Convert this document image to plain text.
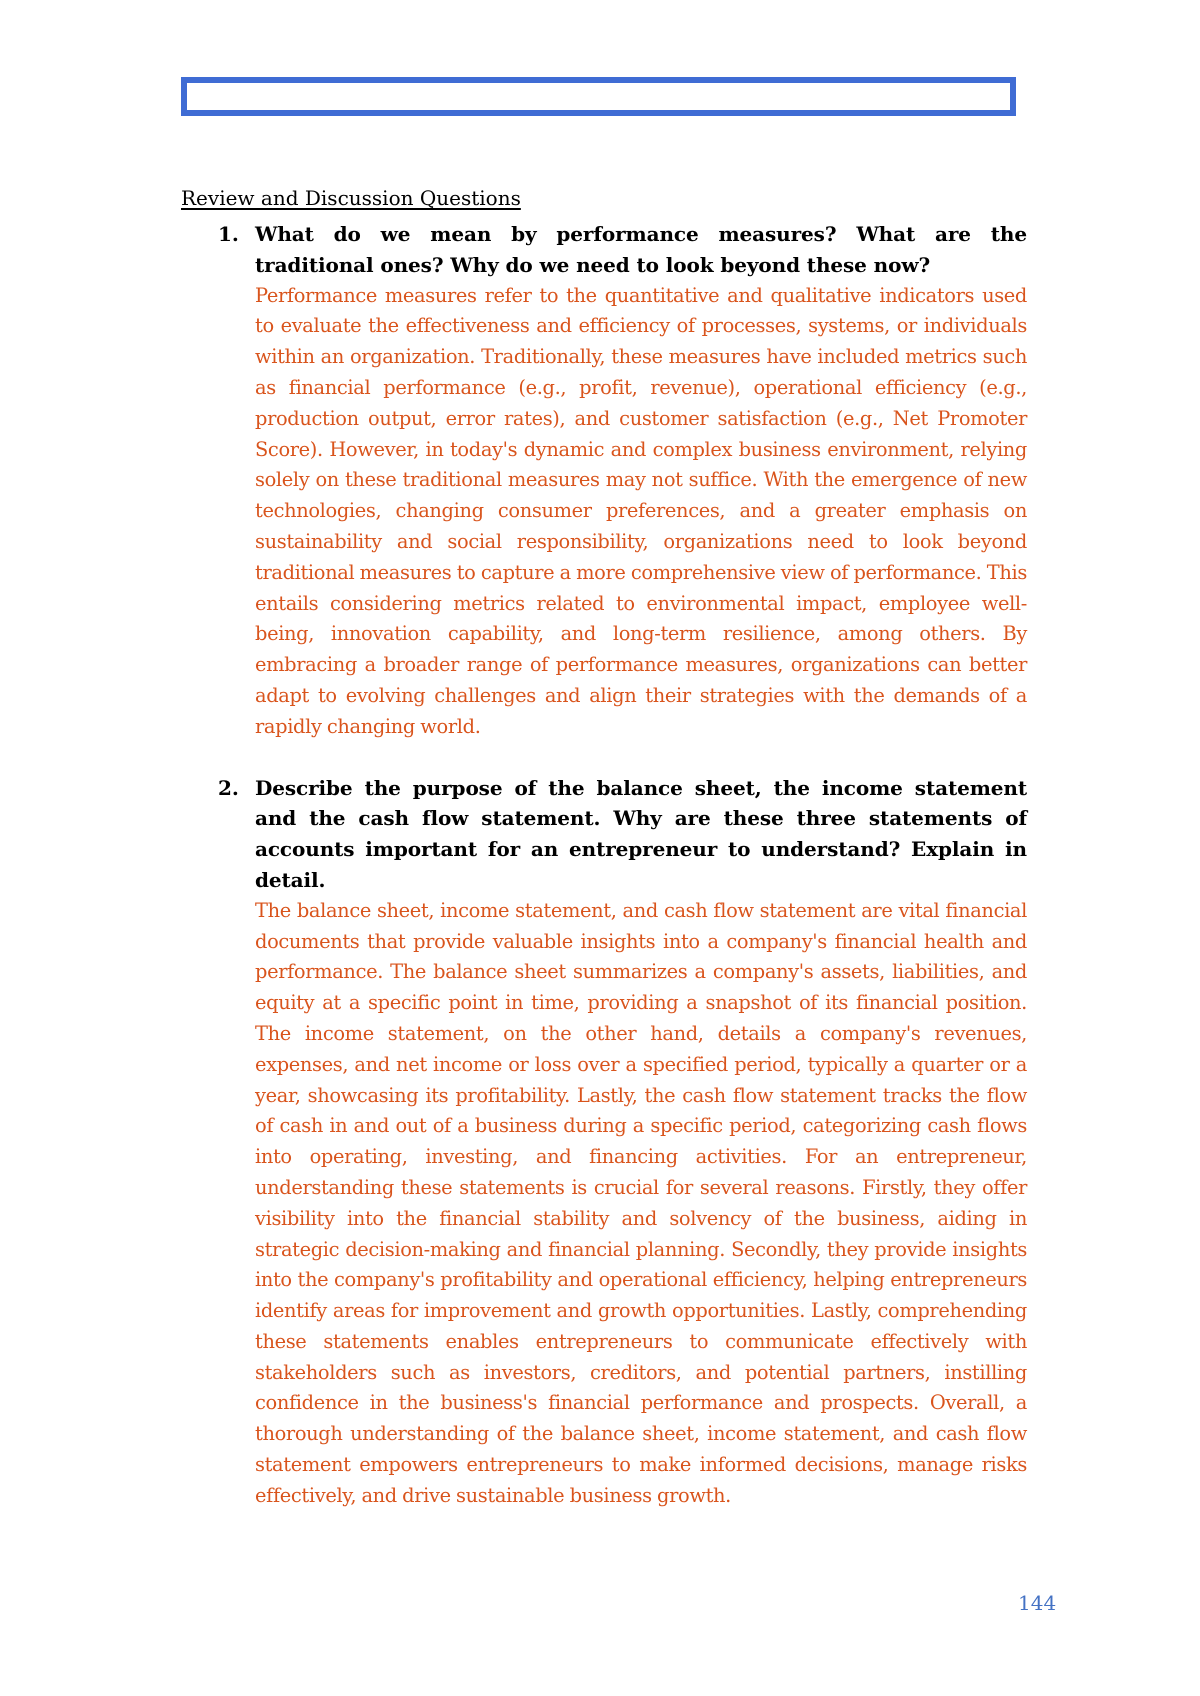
Review and Discussion Questions
1. What do we mean by performance measures? What are the traditional ones? Why do we need to look beyond these now?

Performance measures refer to the quantitative and qualitative indicators used to evaluate the effectiveness and efficiency of processes, systems, or individuals within an organization. Traditionally, these measures have included metrics such as financial performance (e.g., profit, revenue), operational efficiency (e.g., production output, error rates), and customer satisfaction (e.g., Net Promoter Score). However, in today's dynamic and complex business environment, relying solely on these traditional measures may not suffice. With the emergence of new technologies, changing consumer preferences, and a greater emphasis on sustainability and social responsibility, organizations need to look beyond traditional measures to capture a more comprehensive view of performance. This entails considering metrics related to environmental impact, employee well-being, innovation capability, and long-term resilience, among others. By embracing a broader range of performance measures, organizations can better adapt to evolving challenges and align their strategies with the demands of a rapidly changing world.

2. Describe the purpose of the balance sheet, the income statement and the cash flow statement. Why are these three statements of accounts important for an entrepreneur to understand? Explain in detail.

The balance sheet, income statement, and cash flow statement are vital financial documents that provide valuable insights into a company's financial health and performance. The balance sheet summarizes a company's assets, liabilities, and equity at a specific point in time, providing a snapshot of its financial position. The income statement, on the other hand, details a company's revenues, expenses, and net income or loss over a specified period, typically a quarter or a year, showcasing its profitability. Lastly, the cash flow statement tracks the flow of cash in and out of a business during a specific period, categorizing cash flows into operating, investing, and financing activities. For an entrepreneur, understanding these statements is crucial for several reasons. Firstly, they offer visibility into the financial stability and solvency of the business, aiding in strategic decision-making and financial planning. Secondly, they provide insights into the company's profitability and operational efficiency, helping entrepreneurs identify areas for improvement and growth opportunities. Lastly, comprehending these statements enables entrepreneurs to communicate effectively with stakeholders such as investors, creditors, and potential partners, instilling confidence in the business's financial performance and prospects. Overall, a thorough understanding of the balance sheet, income statement, and cash flow statement empowers entrepreneurs to make informed decisions, manage risks effectively, and drive sustainable business growth.

144
